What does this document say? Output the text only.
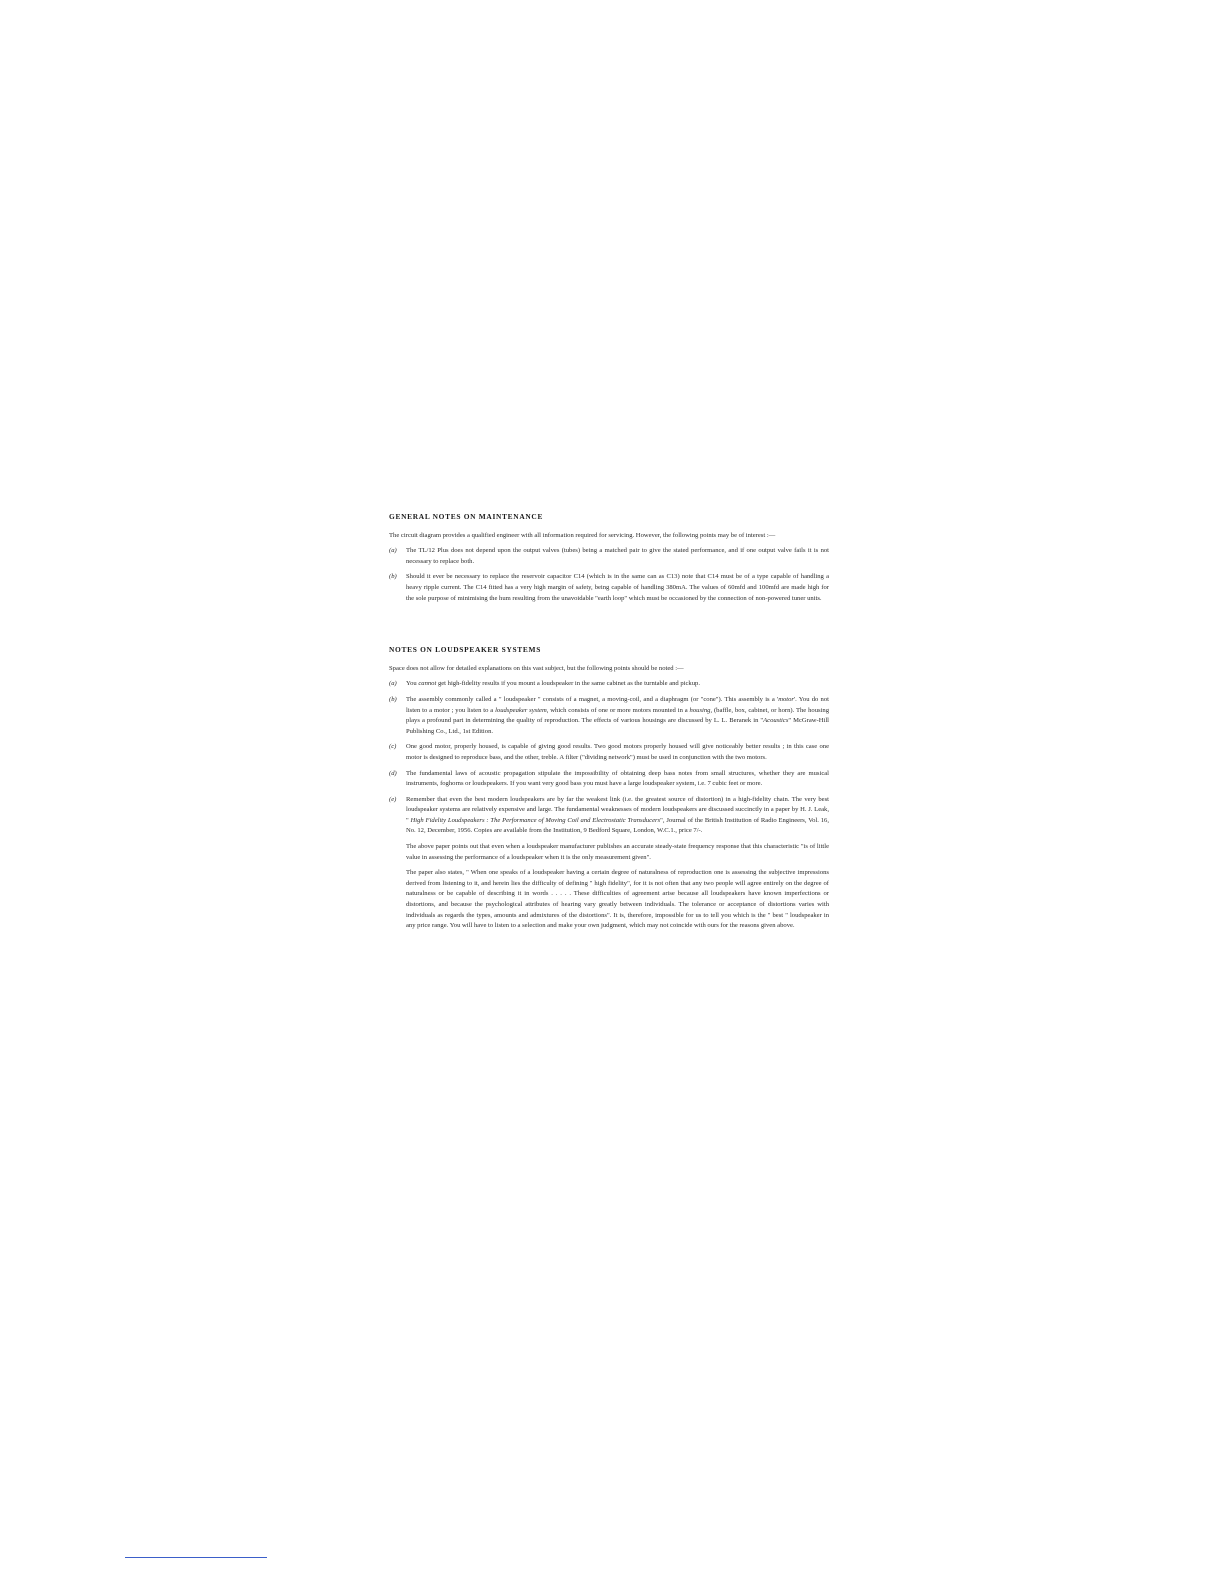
GENERAL NOTES ON MAINTENANCE

The circuit diagram provides a qualified engineer with all information required for servicing. However, the following points may be of interest :—

(a) The TL/12 Plus does not depend upon the output valves (tubes) being a matched pair to give the stated performance, and if one output valve fails it is not necessary to replace both.
(b) Should it ever be necessary to replace the reservoir capacitor C14 (which is in the same can as C13) note that C14 must be of a type capable of handling a heavy ripple current. The C14 fitted has a very high margin of safety, being capable of handling 380mA. The values of 60mfd and 100mfd are made high for the sole purpose of minimising the hum resulting from the unavoidable "earth loop" which must be occasioned by the connection of non-powered tuner units.
NOTES ON LOUDSPEAKER SYSTEMS

Space does not allow for detailed explanations on this vast subject, but the following points should be noted :—

(a) You cannot get high-fidelity results if you mount a loudspeaker in the same cabinet as the turntable and pickup.
(b) The assembly commonly called a " loudspeaker " consists of a magnet, a moving-coil, and a diaphragm (or "cone"). This assembly is a 'motor'. You do not listen to a motor ; you listen to a loudspeaker system, which consists of one or more motors mounted in a housing, (baffle, box, cabinet, or horn). The housing plays a profound part in determining the quality of reproduction. The effects of various housings are discussed by L. L. Beranek in "Acoustics" McGraw-Hill Publishing Co., Ltd., 1st Edition.
(c) One good motor, properly housed, is capable of giving good results. Two good motors properly housed will give noticeably better results ; in this case one motor is designed to reproduce bass, and the other, treble. A filter ("dividing network") must be used in conjunction with the two motors.
(d) The fundamental laws of acoustic propagation stipulate the impossibility of obtaining deep bass notes from small structures, whether they are musical instruments, foghorns or loudspeakers. If you want very good bass you must have a large loudspeaker system, i.e. 7 cubic feet or more.
(e) Remember that even the best modern loudspeakers are by far the weakest link (i.e. the greatest source of distortion) in a high-fidelity chain. The very best loudspeaker systems are relatively expensive and large. The fundamental weaknesses of modern loudspeakers are discussed succinctly in a paper by H. J. Leak, " High Fidelity Loudspeakers : The Performance of Moving Coil and Electrostatic Transducers", Journal of the British Institution of Radio Engineers, Vol. 16, No. 12, December, 1956. Copies are available from the Institution, 9 Bedford Square, London, W.C.1., price 7/-.

The above paper points out that even when a loudspeaker manufacturer publishes an accurate steady-state frequency response that this characteristic "is of little value in assessing the performance of a loudspeaker when it is the only measurement given".

The paper also states, " When one speaks of a loudspeaker having a certain degree of naturalness of reproduction one is assessing the subjective impressions derived from listening to it, and herein lies the difficulty of defining " high fidelity", for it is not often that any two people will agree entirely on the degree of naturalness or be capable of describing it in words . . . . . These difficulties of agreement arise because all loudspeakers have known imperfections or distortions, and because the psychological attributes of hearing vary greatly between individuals. The tolerance or acceptance of distortions varies with individuals as regards the types, amounts and admixtures of the distortions". It is, therefore, impossible for us to tell you which is the " best " loudspeaker in any price range. You will have to listen to a selection and make your own judgment, which may not coincide with ours for the reasons given above.
